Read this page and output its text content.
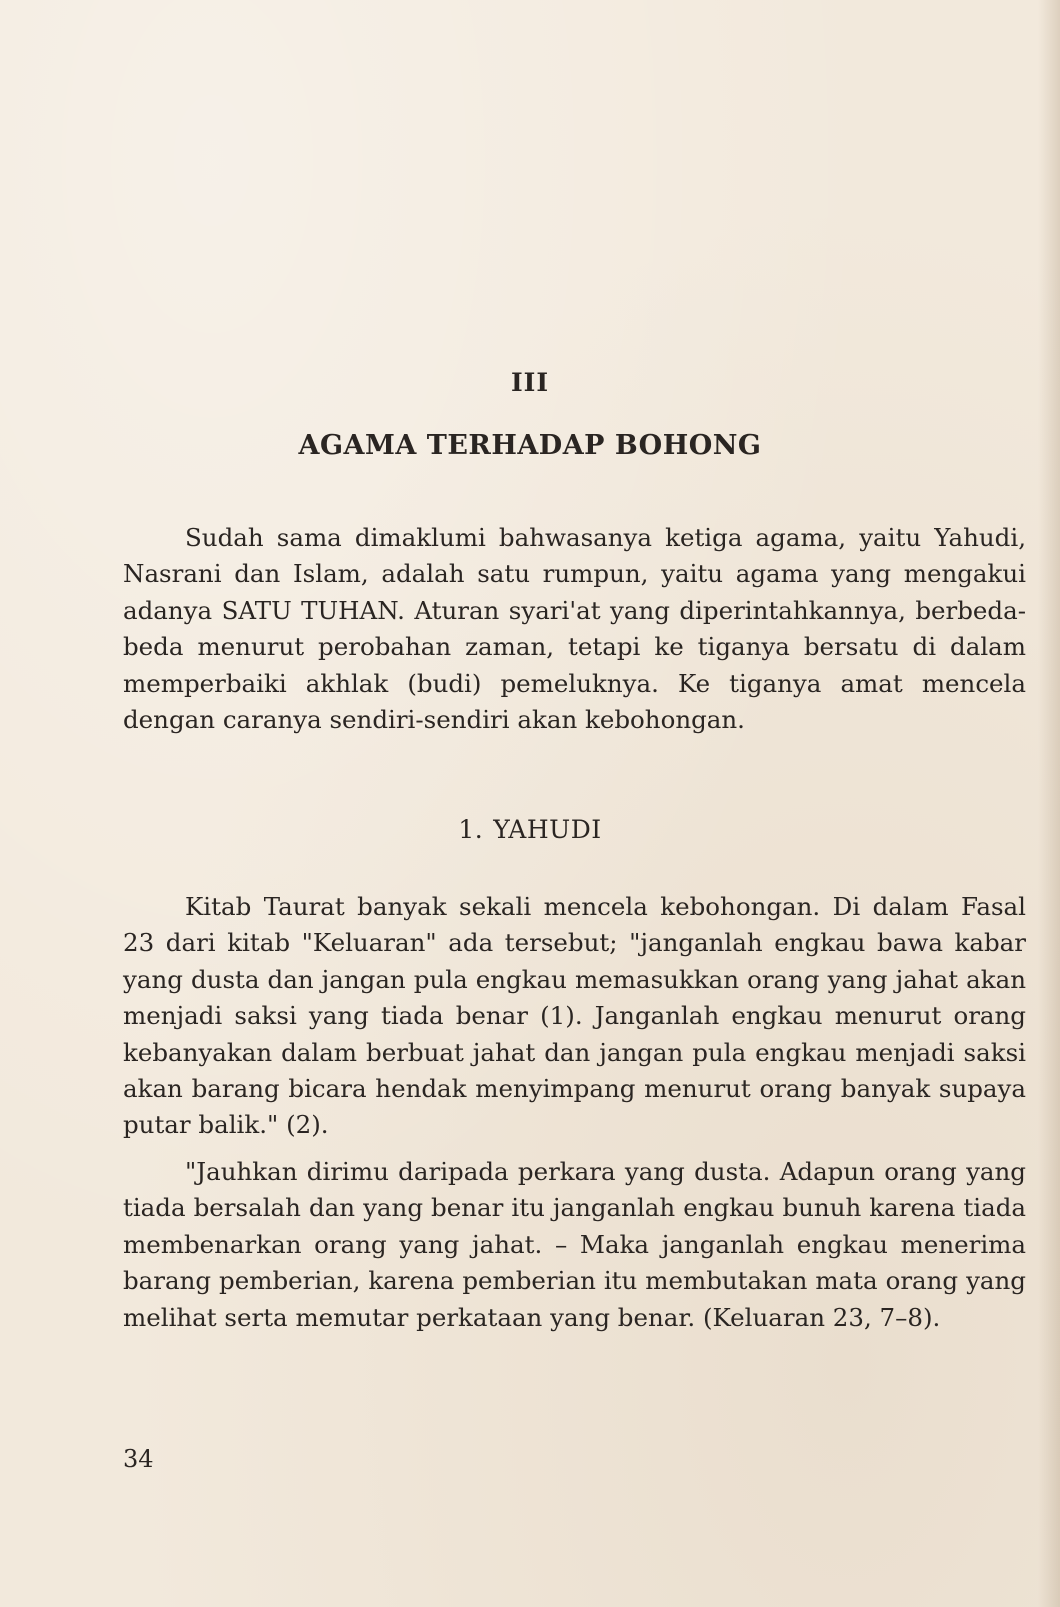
III
AGAMA TERHADAP BOHONG

Sudah sama dimaklumi bahwasanya ketiga agama, yaitu Yahudi, Nasrani dan Islam, adalah satu rumpun, yaitu agama yang mengakui adanya SATU TUHAN. Aturan syari'at yang diperintahkannya, berbeda-beda menurut perobahan zaman, tetapi ke tiganya bersatu di dalam memperbaiki akhlak (budi) pemeluknya. Ke tiganya amat mencela dengan caranya sendiri-sendiri akan kebohongan.

1. YAHUDI

Kitab Taurat banyak sekali mencela kebohongan. Di dalam Fasal 23 dari kitab "Keluaran" ada tersebut; "janganlah engkau bawa kabar yang dusta dan jangan pula engkau memasukkan orang yang jahat akan menjadi saksi yang tiada benar (1). Janganlah engkau menurut orang kebanyakan dalam berbuat jahat dan jangan pula engkau menjadi saksi akan barang bicara hendak menyimpang menurut orang banyak supaya putar balik." (2).

"Jauhkan dirimu daripada perkara yang dusta. Adapun orang yang tiada bersalah dan yang benar itu janganlah engkau bunuh karena tiada membenarkan orang yang jahat. – Maka janganlah engkau menerima barang pemberian, karena pemberian itu membutakan mata orang yang melihat serta memutar perkataan yang benar. (Keluaran 23, 7–8).

34
